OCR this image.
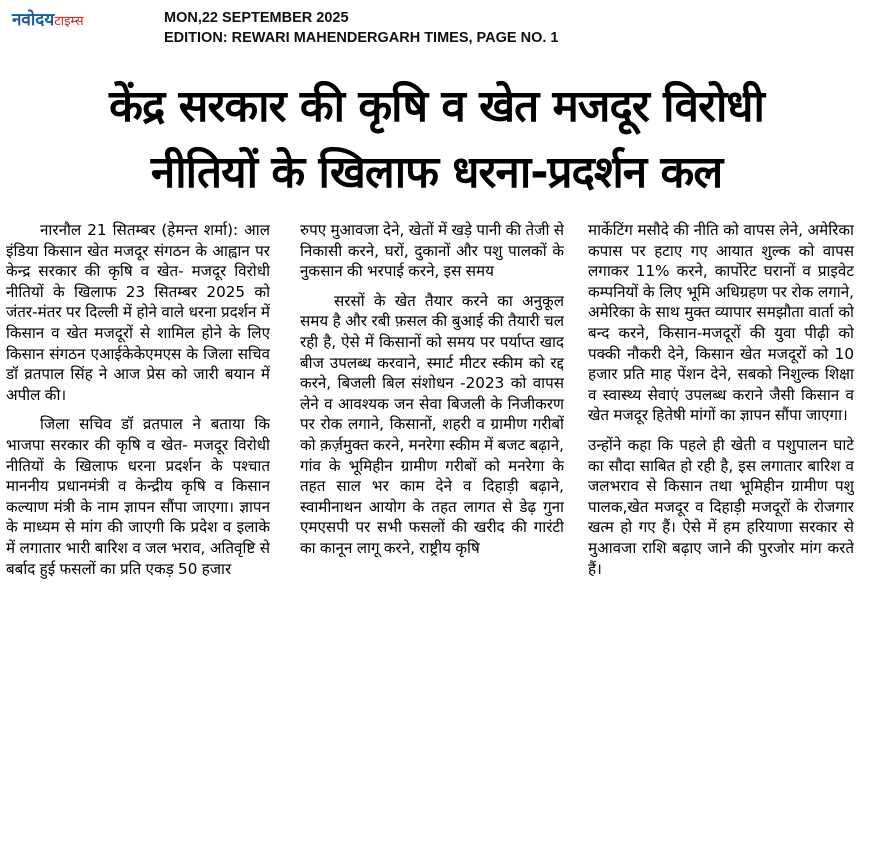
नवोदयटाइम्स	MON,22 SEPTEMBER 2025
EDITION: REWARI MAHENDERGARH TIMES, PAGE NO. 1
केंद्र सरकार की कृषि व खेत मजदूर विरोधी
नीतियों के खिलाफ धरना-प्रदर्शन कल

नारनौल 21 सितम्बर (हेमन्त शर्मा): आल इंडिया किसान खेत मजदूर संगठन के आह्वान पर केन्द्र सरकार की कृषि व खेत- मजदूर विरोधी नीतियों के खिलाफ 23 सितम्बर 2025 को जंतर-मंतर पर दिल्ली में होने वाले धरना प्रदर्शन में किसान व खेत मजदूरों से शामिल होने के लिए किसान संगठन एआईकेकेएमएस के जिला सचिव डॉ व्रतपाल सिंह ने आज प्रेस को जारी बयान में अपील की।

जिला सचिव डॉ व्रतपाल ने बताया कि भाजपा सरकार की कृषि व खेत- मजदूर विरोधी नीतियों के खिलाफ धरना प्रदर्शन के पश्चात माननीय प्रधानमंत्री व केन्द्रीय कृषि व किसान कल्याण मंत्री के नाम ज्ञापन सौंपा जाएगा। ज्ञापन के माध्यम से मांग की जाएगी कि प्रदेश व इलाके में लगातार भारी बारिश व जल भराव, अतिवृष्टि से बर्बाद हुई फसलों का प्रति एकड़ 50 हजार

रुपए मुआवजा देने, खेतों में खड़े पानी की तेजी से निकासी करने, घरों, दुकानों और पशु पालकों के नुकसान की भरपाई करने, इस समय

सरसों के खेत तैयार करने का अनुकूल समय है और रबी फ़सल की बुआई की तैयारी चल रही है, ऐसे में किसानों को समय पर पर्याप्त खाद बीज उपलब्ध करवाने, स्मार्ट मीटर स्कीम को रद्द करने, बिजली बिल संशोधन -2023 को वापस लेने व आवश्यक जन सेवा बिजली के निजीकरण पर रोक लगाने, किसानों, शहरी व ग्रामीण गरीबों को क़र्ज़मुक्त करने, मनरेगा स्कीम में बजट बढ़ाने, गांव के भूमिहीन ग्रामीण गरीबों को मनरेगा के तहत साल भर काम देने व दिहाड़ी बढ़ाने, स्वामीनाथन आयोग के तहत लागत से डेढ़ गुना एमएसपी पर सभी फसलों की खरीद की गारंटी का कानून लागू करने, राष्ट्रीय कृषि

मार्केटिंग मसौदे की नीति को वापस लेने, अमेरिका कपास पर हटाए गए आयात शुल्क को वापस लगाकर 11% करने, कार्पोरेट घरानों व प्राइवेट कम्पनियों के लिए भूमि अधिग्रहण पर रोक लगाने, अमेरिका के साथ मुक्त व्यापार समझौता वार्ता को बन्द करने, किसान-मजदूरों की युवा पीढ़ी को पक्की नौकरी देने, किसान खेत मजदूरों को 10 हजार प्रति माह पेंशन देने, सबको निशुल्क शिक्षा व स्वास्थ्य सेवाएं उपलब्ध कराने जैसी किसान व खेत मजदूर हितेषी मांगों का ज्ञापन सौंपा जाएगा।

उन्होंने कहा कि पहले ही खेती व पशुपालन घाटे का सौदा साबित हो रही है, इस लगातार बारिश व जलभराव से किसान तथा भूमिहीन ग्रामीण पशु पालक,खेत मजदूर व दिहाड़ी मजदूरों के रोजगार खत्म हो गए हैं। ऐसे में हम हरियाणा सरकार से मुआवजा राशि बढ़ाए जाने की पुरजोर मांग करते हैं।
